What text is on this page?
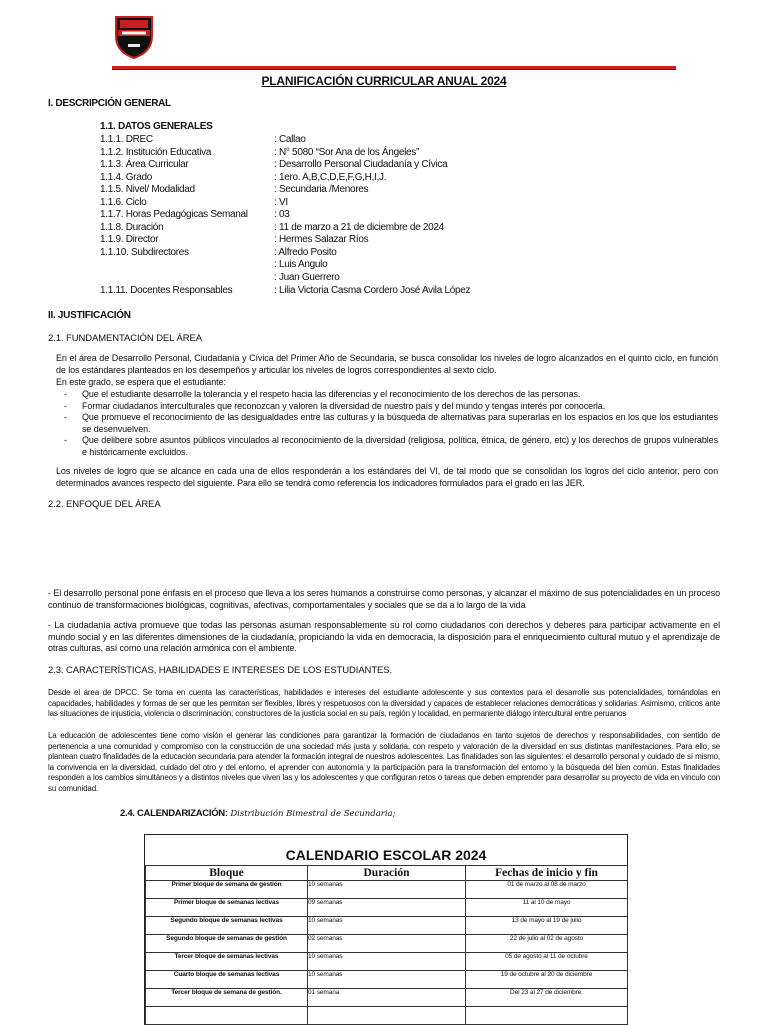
PLANIFICACIÓN CURRICULAR ANUAL 2024
I. DESCRIPCIÓN GENERAL
1.1. DATOS GENERALES
1.1.1. DREC	: Callao
1.1.2. Institución Educativa	: N° 5080 “Sor Ana de los Ángeles”
1.1.3. Área Curricular	: Desarrollo Personal Ciudadanía y Cívica
1.1.4. Grado	: 1ero. A,B,C,D,E,F,G,H,I,J.
1.1.5. Nivel/ Modalidad	: Secundaria /Menores
1.1.6. Ciclo	: VI
1.1.7. Horas Pedagógicas Semanal	: 03
1.1.8. Duración	: 11 de marzo a 21 de diciembre de 2024
1.1.9. Director	: Hermes Salazar Ríos
1.1.10. Subdirectores	: Alfredo Posito
: Luis Angulo
: Juan Guerrero
1.1.11. Docentes Responsables	: Lilia Victoria Casma Cordero José Avila López
II. JUSTIFICACIÓN
2.1. FUNDAMENTACIÓN DEL ÁREA
En el área de Desarrollo Personal, Ciudadanía y Cívica del Primer Año de Secundaria, se busca consolidar los niveles de logro alcanzados en el quinto ciclo, en función de los estándares planteados en los desempeños y articular los niveles de logros correspondientes al sexto ciclo.
En este grado, se espera que el estudiante:
-	Que el estudiante desarrolle la tolerancia y el respeto hacia las diferencias y el reconocimiento de los derechos de las personas.
-	Formar ciudadanos interculturales que reconozcan y valoren la diversidad de nuestro país y del mundo y tengas interés por conocerla.
-	Que promueve el reconocimiento de las desigualdades entre las culturas y la búsqueda de alternativas para superarlas en los espacios en los que los estudiantes se desenvuelven.
-	Que delibere sobre asuntos públicos vinculados al reconocimiento de la diversidad (religiosa, política, étnica, de género, etc) y los derechos de grupos vulnerables e históricamente excluidos.
Los niveles de logro que se alcance en cada una de ellos responderán a los estándares del VI, de tal modo que se consolidan los logros del ciclo anterior, pero con determinados avances respecto del siguiente. Para ello se tendrá como referencia los indicadores formulados para el grado en las JER.
2.2. ENFOQUE DEL ÁREA
- El desarrollo personal pone énfasis en el proceso que lleva a los seres humanos a construirse como personas, y alcanzar el máximo de sus potencialidades en un proceso continuo de transformaciones biológicas, cognitivas, afectivas, comportamentales y sociales que se da a lo largo de la vida
- La ciudadanía activa promueve que todas las personas asuman responsablemente su rol como ciudadanos con derechos y deberes para participar activamente en el mundo social y en las diferentes dimensiones de la ciudadanía, propiciando la vida en democracia, la disposición para el enriquecimiento cultural mutuo y el aprendizaje de otras culturas, así como una relación armónica con el ambiente.
2.3. CARACTERÍSTICAS, HABILIDADES E INTERESES DE LOS ESTUDIANTES.
Desde el área de DPCC. Se toma en cuenta las características, habilidades e intereses del estudiante adolescente y sus contextos para el desarrolle sus potencialidades, tornándolas en capacidades, habilidades y formas de ser que les permitan ser flexibles, libres y respetuosos con la diversidad y capaces de establecer relaciones democráticas y solidarias. Asimismo, críticos ante las situaciones de injusticia, violencia o discriminación; constructores de la justicia social en su país, región y localidad, en permanente diálogo intercultural entre peruanos
La educación de adolescentes tiene como visión el generar las condiciones para garantizar la formación de ciudadanos en tanto sujetos de derechos y responsabilidades, con sentido de pertenencia a una comunidad y compromiso con la construcción de una sociedad más justa y solidaria, con respeto y valoración de la diversidad en sus distintas manifestaciones. Para ello, se plantean cuatro finalidades de la educación secundaria para atender la formación integral de nuestros adolescentes. Las finalidades son las siguientes: el desarrollo personal y cuidado de sí mismo, la convivencia en la diversidad, cuidado del otro y del entorno, el aprender con autonomía y la participación para la transformación del entorno y la búsqueda del bien común. Estas finalidades responden a los cambios simultáneos y a distintos niveles que viven las y los adolescentes y que configuran retos o tareas que deben emprender para desarrollar su proyecto de vida en vínculo con su comunidad.
2.4. CALENDARIZACIÓN: Distribución Bimestral de Secundaria;
CALENDARIO ESCOLAR 2024
Bloque	Duración	Fechas de inicio y fin
Primer bloque de semana de gestión	10 semanas	01 de marzo al 08 de marzo
Primer bloque de semanas lectivas	09 semanas	11 al 10 de mayo
Segundo bloque de semanas lectivas	10 semanas	13 de mayo al 19 de julio
Segundo bloque de semanas de gestión	02 semanas	22 de julio al 02 de agosto
Tercer bloque de semanas lectivas	10 semanas	05 de agosto al 11 de octubre
Cuarto bloque de semanas lectivas	10 semanas	19 de octubre al 20 de diciembre
Tercer bloque de semana de gestión.	01 semana	Del 23 al 27 de diciembre.
